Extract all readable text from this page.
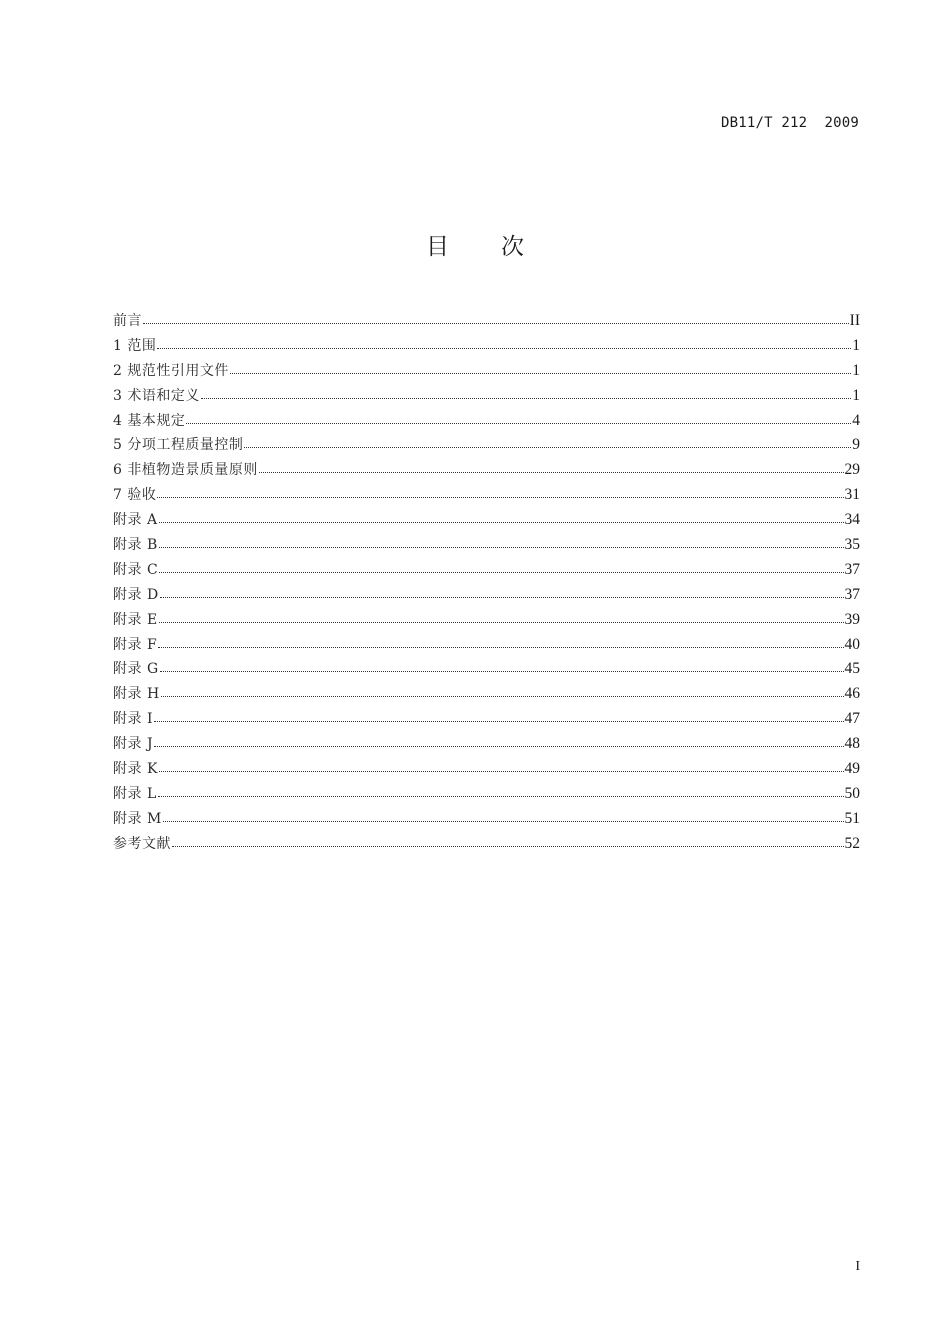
DB11/T 212  2009
目 次
前言	II
1 范围	1
2 规范性引用文件	1
3 术语和定义	1
4 基本规定	4
5 分项工程质量控制	9
6 非植物造景质量原则	29
7 验收	31
附录 A	34
附录 B	35
附录 C	37
附录 D	37
附录 E	39
附录 F	40
附录 G	45
附录 H	46
附录 I	47
附录 J	48
附录 K	49
附录 L	50
附录 M	51
参考文献	52
I
